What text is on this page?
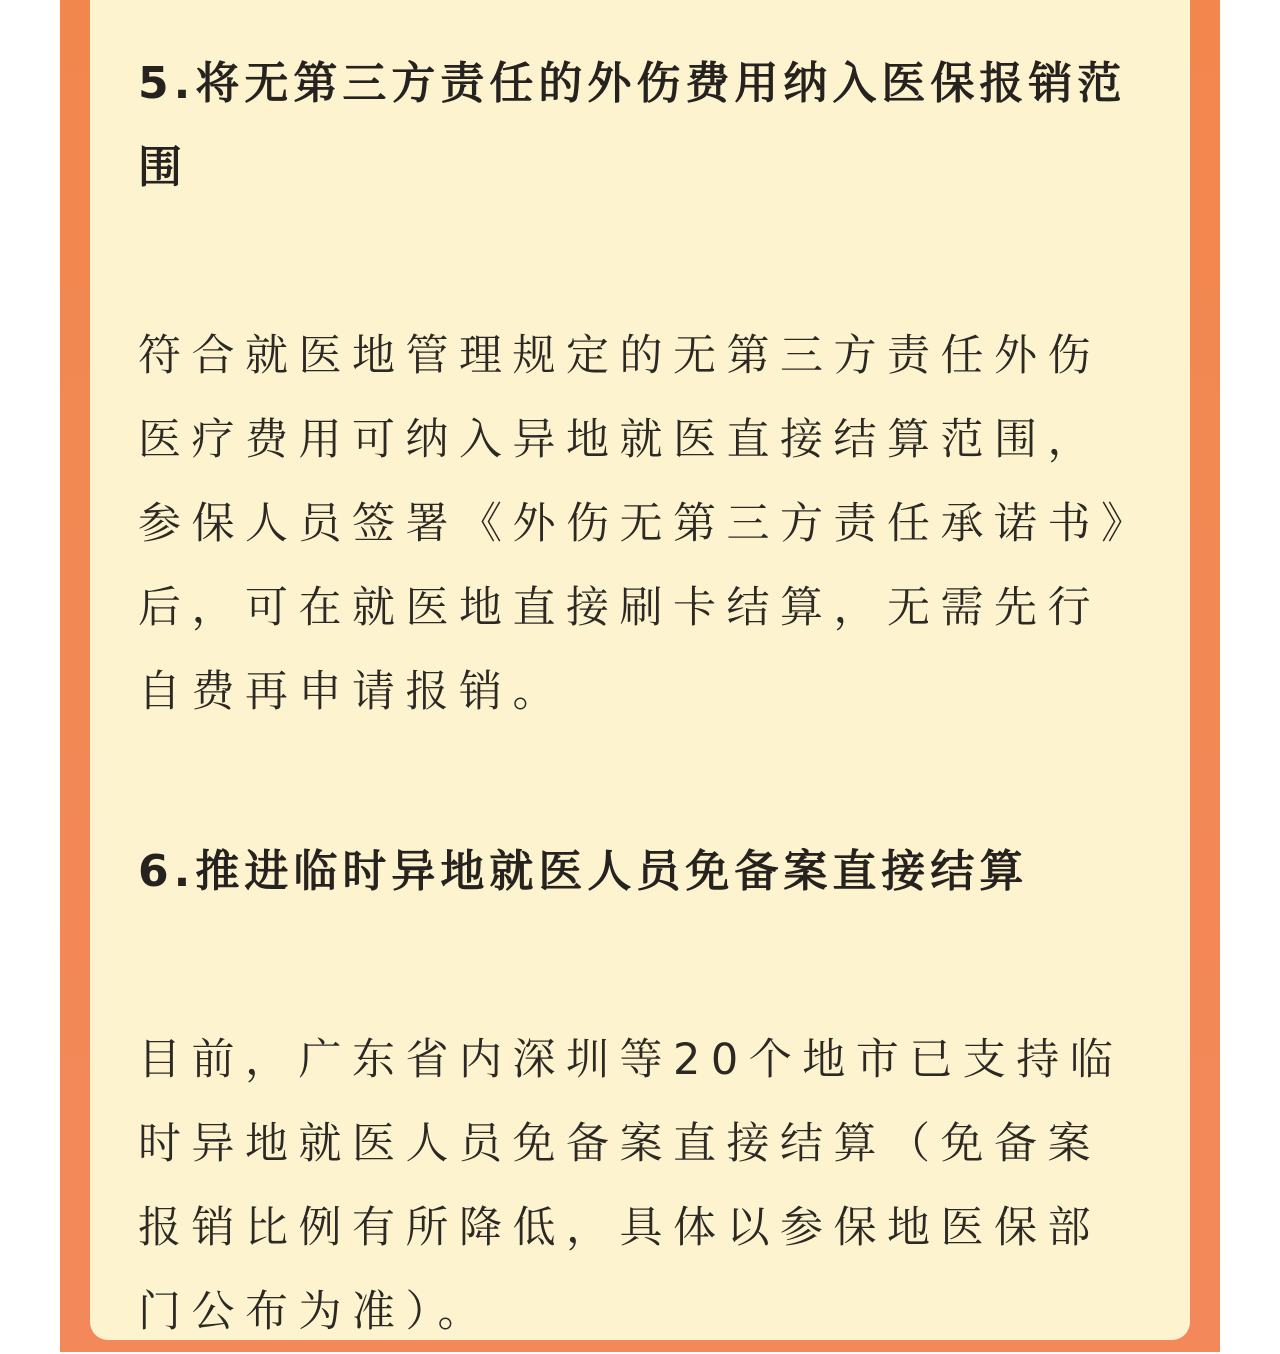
5.将无第三方责任的外伤费用纳入医保报销范围

符合就医地管理规定的无第三方责任外伤医疗费用可纳入异地就医直接结算范围，参保人员签署《外伤无第三方责任承诺书》后，可在就医地直接刷卡结算，无需先行自费再申请报销。

6.推进临时异地就医人员免备案直接结算

目前，广东省内深圳等20个地市已支持临时异地就医人员免备案直接结算（免备案报销比例有所降低，具体以参保地医保部门公布为准）。
